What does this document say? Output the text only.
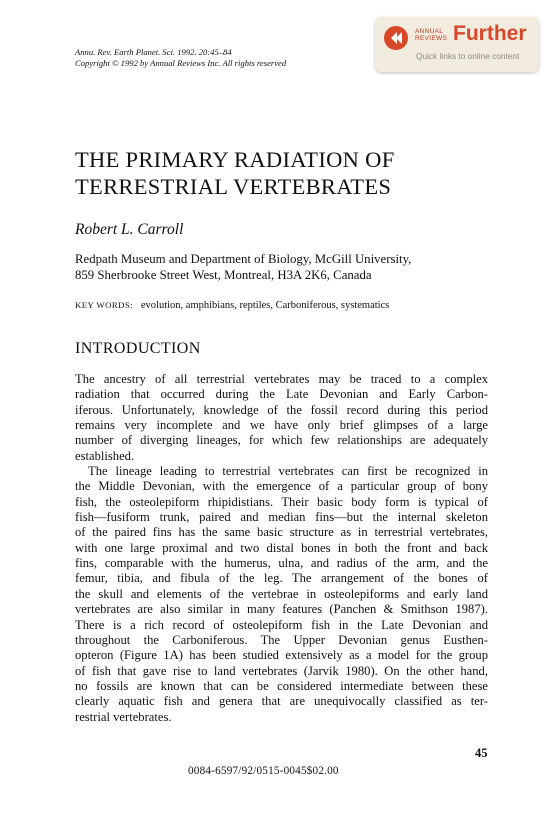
Annu. Rev. Earth Planet. Sci. 1992. 20:45–84
Copyright © 1992 by Annual Reviews Inc. All rights reserved
ANNUAL
REVIEWS Further
Quick links to online content
THE PRIMARY RADIATION OF
TERRESTRIAL VERTEBRATES
Robert L. Carroll
Redpath Museum and Department of Biology, McGill University,
859 Sherbrooke Street West, Montreal, H3A 2K6, Canada
KEY WORDS: evolution, amphibians, reptiles, Carboniferous, systematics
INTRODUCTION
The ancestry of all terrestrial vertebrates may be traced to a complex
radiation that occurred during the Late Devonian and Early Carbon-
iferous. Unfortunately, knowledge of the fossil record during this period
remains very incomplete and we have only brief glimpses of a large
number of diverging lineages, for which few relationships are adequately
established.
The lineage leading to terrestrial vertebrates can first be recognized in
the Middle Devonian, with the emergence of a particular group of bony
fish, the osteolepiform rhipidistians. Their basic body form is typical of
fish—fusiform trunk, paired and median fins—but the internal skeleton
of the paired fins has the same basic structure as in terrestrial vertebrates,
with one large proximal and two distal bones in both the front and back
fins, comparable with the humerus, ulna, and radius of the arm, and the
femur, tibia, and fibula of the leg. The arrangement of the bones of
the skull and elements of the vertebrae in osteolepiforms and early land
vertebrates are also similar in many features (Panchen & Smithson 1987).
There is a rich record of osteolepiform fish in the Late Devonian and
throughout the Carboniferous. The Upper Devonian genus Eusthen-
opteron (Figure 1A) has been studied extensively as a model for the group
of fish that gave rise to land vertebrates (Jarvik 1980). On the other hand,
no fossils are known that can be considered intermediate between these
clearly aquatic fish and genera that are unequivocally classified as ter-
restrial vertebrates.
45
0084-6597/92/0515-0045$02.00
